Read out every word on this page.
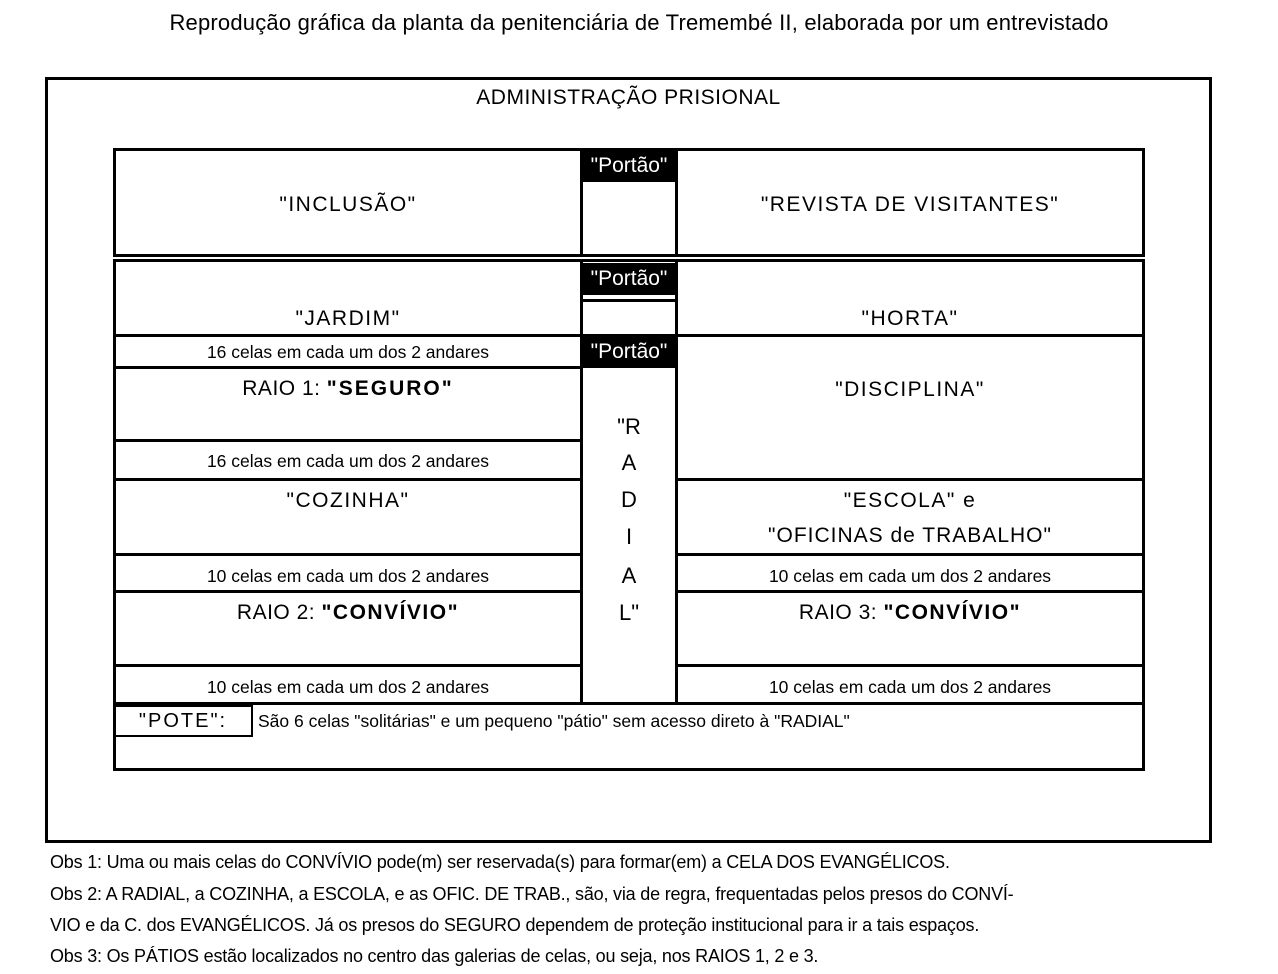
Reprodução gráfica da planta da penitenciária de Tremembé II, elaborada por um entrevistado
ADMINISTRAÇÃO PRISIONAL
"Portão"
"INCLUSÃO"	"REVISTA DE VISITANTES"
"Portão"
"Portão"
"JARDIM"
16 celas em cada um dos 2 andares
RAIO 1: "SEGURO"
16 celas em cada um dos 2 andares
"COZINHA"
10 celas em cada um dos 2 andares
RAIO 2: "CONVÍVIO"
10 celas em cada um dos 2 andares
"HORTA"
"DISCIPLINA"
"ESCOLA" e
"OFICINAS de TRABALHO"
10 celas em cada um dos 2 andares
RAIO 3: "CONVÍVIO"
10 celas em cada um dos 2 andares
"R
A
D
I
A
L"
"POTE":	São 6 celas "solitárias" e um pequeno "pátio" sem acesso direto à "RADIAL"
Obs 1: Uma ou mais celas do CONVÍVIO pode(m) ser reservada(s) para formar(em) a CELA DOS EVANGÉLICOS.
Obs 2: A RADIAL, a COZINHA, a ESCOLA, e as OFIC. DE TRAB., são, via de regra, frequentadas pelos presos do CONVÍ-
VIO e da C. dos EVANGÉLICOS. Já os presos do SEGURO dependem de proteção institucional para ir a tais espaços.
Obs 3: Os PÁTIOS estão localizados no centro das galerias de celas, ou seja, nos RAIOS 1, 2 e 3.
